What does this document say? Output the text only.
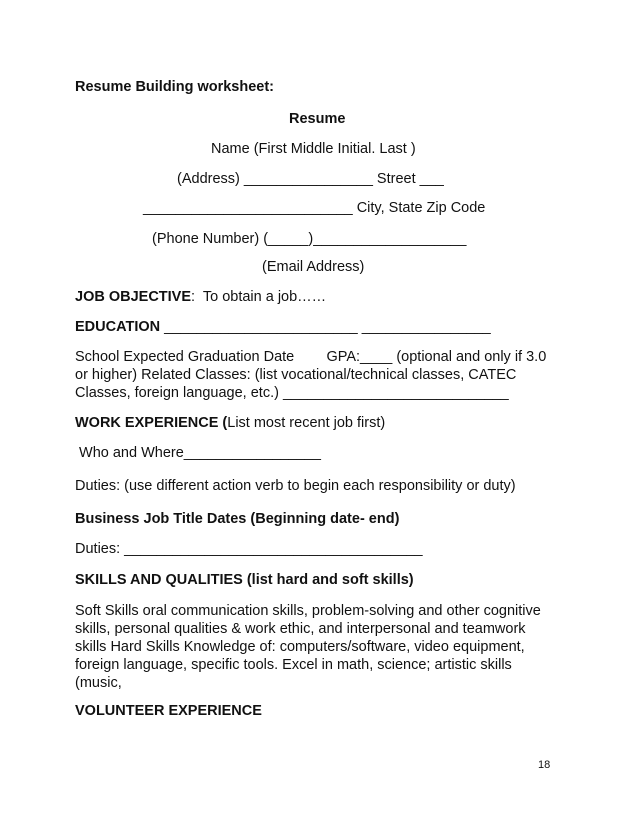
Resume Building worksheet:
Resume
Name (First Middle Initial. Last )
(Address) ________________ Street ___
__________________________ City, State Zip Code
(Phone Number) (_____)___________________
(Email Address)
JOB OBJECTIVE:  To obtain a job……
EDUCATION ________________________ ________________
School Expected Graduation Date        GPA:____ (optional and only if 3.0
or higher) Related Classes: (list vocational/technical classes, CATEC
Classes, foreign language, etc.) ____________________________
WORK EXPERIENCE (List most recent job first)
Who and Where_________________
Duties: (use different action verb to begin each responsibility or duty)
Business Job Title Dates (Beginning date- end)
Duties: _____________________________________
SKILLS AND QUALITIES (list hard and soft skills)
Soft Skills oral communication skills, problem-solving and other cognitive
skills, personal qualities & work ethic, and interpersonal and teamwork
skills Hard Skills Knowledge of: computers/software, video equipment,
foreign language, specific tools. Excel in math, science; artistic skills
(music,
VOLUNTEER EXPERIENCE
18
